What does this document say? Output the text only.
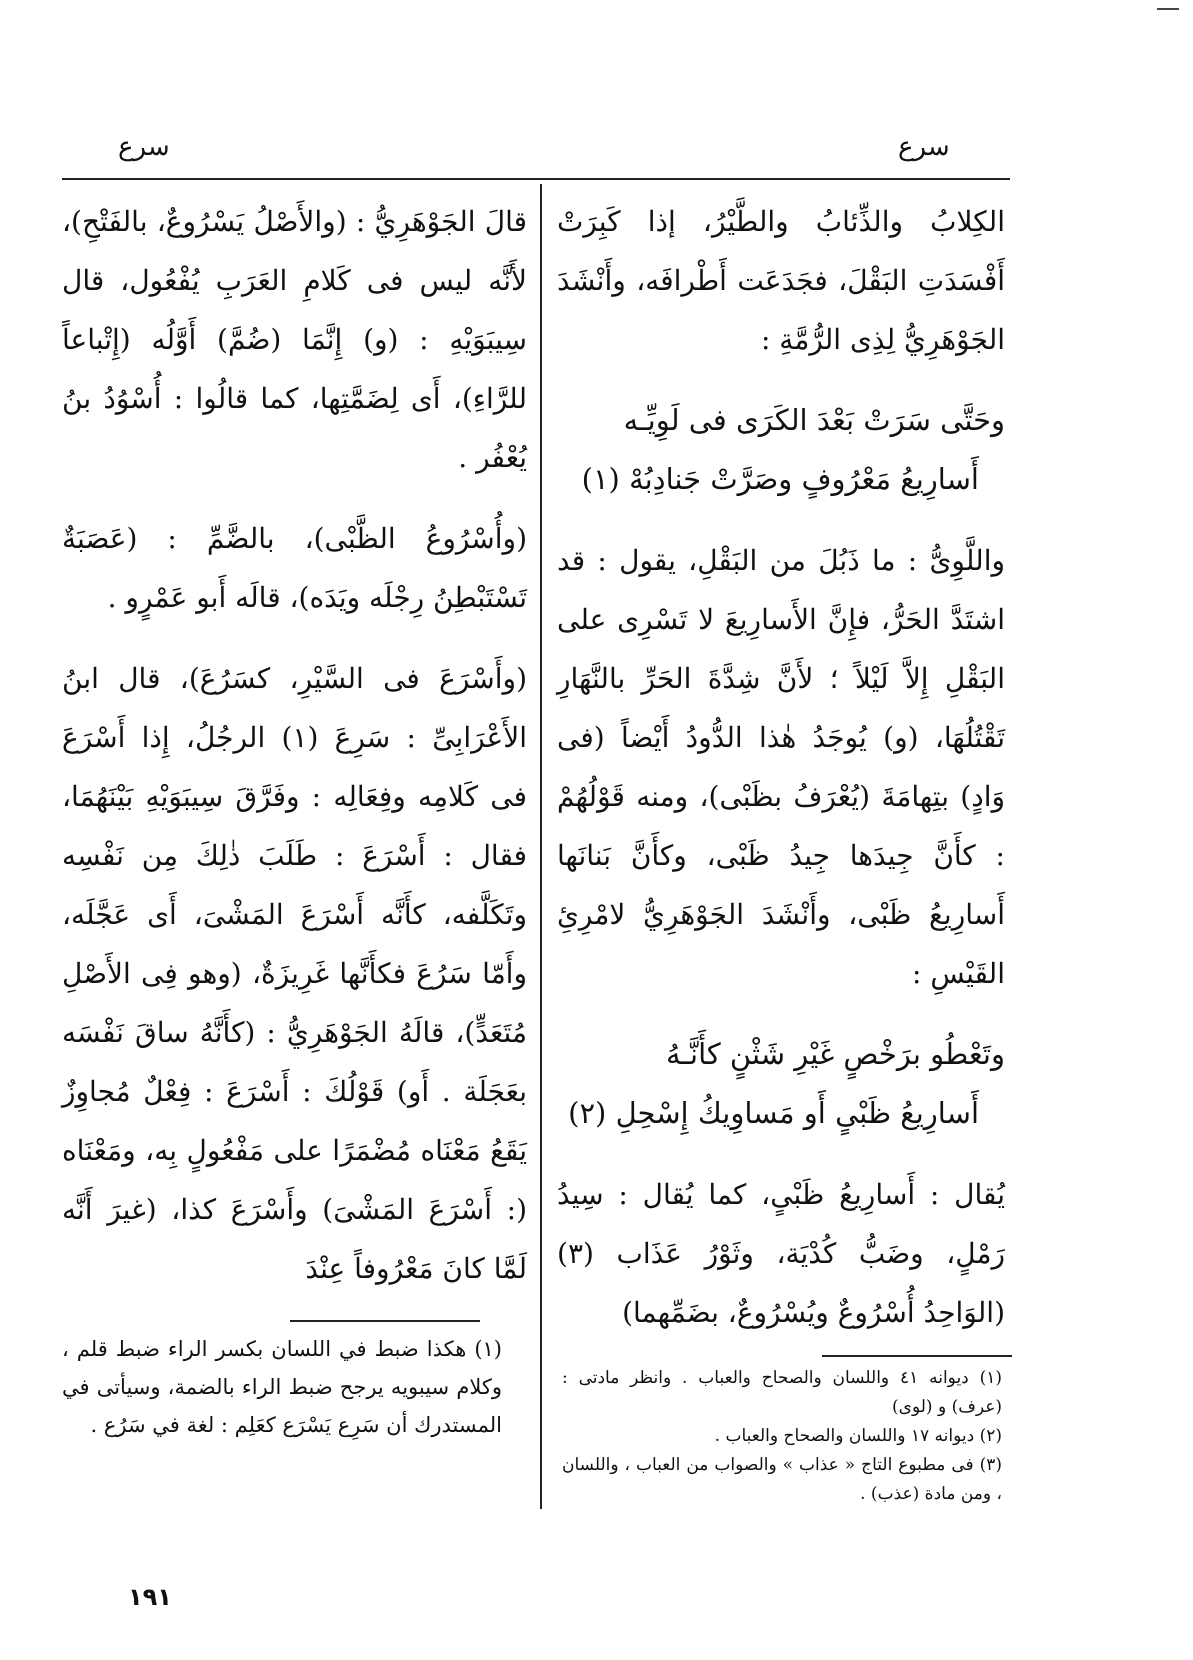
سرع	سرع

الكِلابُ والذِّئابُ والطَّيْرُ، إذا كَبِرَتْ أَفْسَدَتِ البَقْلَ، فجَدَعَت أَطْرافَه، وأَنْشَدَ الجَوْهَرِيُّ لِذِى الرُّمَّةِ :

وحَتَّى سَرَتْ بَعْدَ الكَرَى فى لَوِيِّـه

أَسارِيعُ مَعْرُوفٍ وصَرَّتْ جَنادِبُهْ (١)

واللَّوِىُّ : ما ذَبُلَ من البَقْلِ، يقول : قد اشتَدَّ الحَرُّ، فإِنَّ الأَسارِيعَ لا تَسْرِى على البَقْلِ إِلاَّ لَيْلاً ؛ لأَنَّ شِدَّةَ الحَرِّ بالنَّهَارِ تَقْتُلُهَا، (و) يُوجَدُ هٰذا الدُّودُ أَيْضاً (فى وَادٍ) بتِهامَةَ (يُعْرَفُ بظَبْى)، ومنه قَوْلُهُمْ : كأَنَّ جِيدَها جِيدُ ظَبْى، وكأَنَّ بَنانَها أَسارِيعُ ظَبْى، وأَنْشَدَ الجَوْهَرِيُّ لامْرِئِ القَيْسِ :

وتَعْطُو برَخْصٍ غَيْرِ شَثْنٍ كأَنَّـهُ

أَسارِيعُ ظَبْىٍ أَو مَساوِيكُ إِسْحِلِ (٢)

يُقال : أَسارِيعُ ظَبْىٍ، كما يُقال : سِيدُ رَمْلٍ، وضَبُّ كُدْيَة، وثَوْرُ عَذَاب (٣) (الوَاحِدُ أُسْرُوعٌ ويُسْرُوعٌ، بضَمِّهما)

قالَ الجَوْهَرِيُّ : (والأَصْلُ يَسْرُوعٌ، بالفَتْحِ)، لأَنَّه ليس فى كَلامِ العَرَبِ يُفْعُول، قال سِيبَوَيْهِ : (و) إِنَّمَا (ضُمَّ) أَوَّلُه (إِتْباعاً للرَّاءِ)، أَى لِضَمَّتِها، كما قالُوا : أُسْوُدُ بنُ يُعْفُر .

(وأُسْرُوعُ الظَّبْى)، بالضَّمِّ : (عَصَبَةٌ تَسْتَبْطِنُ رِجْلَه ويَدَه)، قالَه أَبو عَمْرٍو .

(وأَسْرَعَ فى السَّيْرِ، كسَرُعَ)، قال ابنُ الأَعْرَابِىِّ : سَرِعَ (١) الرجُلُ، إِذا أَسْرَعَ فى كَلامِه وفِعَالِه : وفَرَّقَ سِيبَوَيْهِ بَيْنَهُمَا، فقال : أَسْرَعَ : طَلَبَ ذٰلِكَ مِن نَفْسِه وتَكَلَّفه، كأَنَّه أَسْرَعَ المَشْىَ، أَى عَجَّلَه، وأَمّا سَرُعَ فكأَنَّها غَرِيزَةٌ، (وهو فِى الأَصْلِ مُتَعَدٍّ)، قالَهُ الجَوْهَرِيُّ : (كأَنَّهُ ساقَ نَفْسَه بعَجَلَة . أَو) قَوْلُكَ : أَسْرَعَ : فِعْلٌ مُجاوِزٌ يَقَعُ مَعْنَاه مُضْمَرًا على مَفْعُولٍ بِه، ومَعْنَاه (: أَسْرَعَ المَشْىَ) وأَسْرَعَ كذا، (غيرَ أَنَّه لَمَّا كانَ مَعْرُوفاً عِنْدَ

(١) ديوانه ٤١ واللسان والصحاح والعباب . وانظر مادتى : (عرف) و (لوى)

(٢) ديوانه ١٧ واللسان والصحاح والعباب .

(٣) فى مطبوع التاج « عذاب » والصواب من العباب ، واللسان ، ومن مادة (عذب) .

(١) هكذا ضبط في اللسان بكسر الراء ضبط قلم ، وكلام سيبويه يرجح ضبط الراء بالضمة، وسيأتى في المستدرك أن سَرِع يَسْرَع كعَلِم : لغة في سَرُع .

١٩١
